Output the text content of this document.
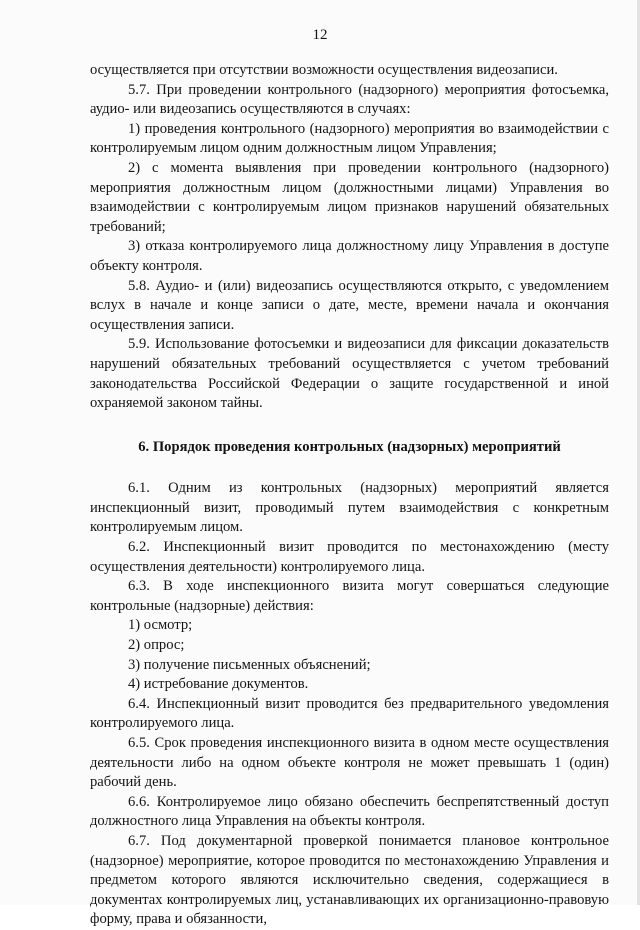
12

осуществляется при отсутствии возможности осуществления видеозаписи.

5.7. При проведении контрольного (надзорного) мероприятия фотосъемка, аудио- или видеозапись осуществляются в случаях:

1) проведения контрольного (надзорного) мероприятия во взаимодействии с контролируемым лицом одним должностным лицом Управления;

2) с момента выявления при проведении контрольного (надзорного) мероприятия должностным лицом (должностными лицами) Управления во взаимодействии с контролируемым лицом признаков нарушений обязательных требований;

3) отказа контролируемого лица должностному лицу Управления в доступе объекту контроля.

5.8. Аудио- и (или) видеозапись осуществляются открыто, с уведомлением вслух в начале и конце записи о дате, месте, времени начала и окончания осуществления записи.

5.9. Использование фотосъемки и видеозаписи для фиксации доказательств нарушений обязательных требований осуществляется с учетом требований законодательства Российской Федерации о защите государственной и иной охраняемой законом тайны.

6. Порядок проведения контрольных (надзорных) мероприятий

6.1. Одним из контрольных (надзорных) мероприятий является инспекционный визит, проводимый путем взаимодействия с конкретным контролируемым лицом.

6.2. Инспекционный визит проводится по местонахождению (месту осуществления деятельности) контролируемого лица.

6.3. В ходе инспекционного визита могут совершаться следующие контрольные (надзорные) действия:

1) осмотр;

2) опрос;

3) получение письменных объяснений;

4) истребование документов.

6.4. Инспекционный визит проводится без предварительного уведомления контролируемого лица.

6.5. Срок проведения инспекционного визита в одном месте осуществления деятельности либо на одном объекте контроля не может превышать 1 (один) рабочий день.

6.6. Контролируемое лицо обязано обеспечить беспрепятственный доступ должностного лица Управления на объекты контроля.

6.7. Под документарной проверкой понимается плановое контрольное (надзорное) мероприятие, которое проводится по местонахождению Управления и предметом которого являются исключительно сведения, содержащиеся в документах контролируемых лиц, устанавливающих их организационно-правовую форму, права и обязанности,
